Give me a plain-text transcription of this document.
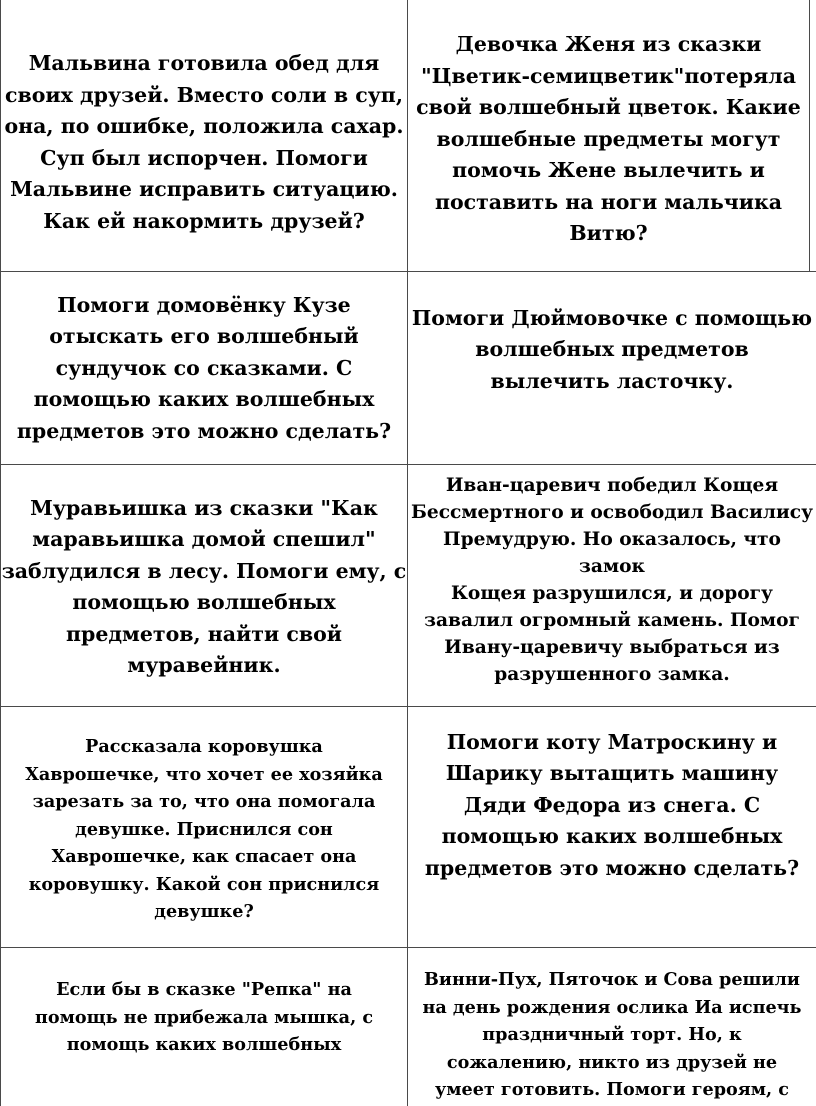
Мальвина готовила обед для
своих друзей. Вместо соли в суп,
она, по ошибке, положила сахар.
Суп был испорчен. Помоги
Мальвине исправить ситуацию.
Как ей накормить друзей?

Девочка Женя из сказки
"Цветик-семицветик"потеряла
свой волшебный цветок. Какие
волшебные предметы могут
помочь Жене вылечить и
поставить на ноги мальчика
Витю?

Помоги домовёнку Кузе
отыскать его волшебный
сундучок со сказками. С
помощью каких волшебных
предметов это можно сделать?

Помоги Дюймовочке с помощью
волшебных предметов
вылечить ласточку.

Муравьишка из сказки "Как
маравьишка домой спешил"
заблудился в лесу. Помоги ему, с
помощью волшебных
предметов, найти свой
муравейник.

Иван-царевич победил Кощея
Бессмертного и освободил Василису
Премудрую. Но оказалось, что замок
Кощея разрушился, и дорогу
завалил огромный камень. Помог
Ивану-царевичу выбраться из
разрушенного замка.

Рассказала коровушка
Хаврошечке, что хочет ее хозяйка
зарезать за то, что она помогала
девушке. Приснился сон
Хаврошечке, как спасает она
коровушку. Какой сон приснился
девушке?

Помоги коту Матроскину и
Шарику вытащить машину
Дяди Федора из снега. С
помощью каких волшебных
предметов это можно сделать?

Если бы в сказке "Репка" на
помощь не прибежала мышка, с
помощь каких волшебных

Винни-Пух, Пяточок и Сова решили
на день рождения ослика Иа испечь
праздничный торт. Но, к
сожалению, никто из друзей не
умеет готовить. Помоги героям, с
